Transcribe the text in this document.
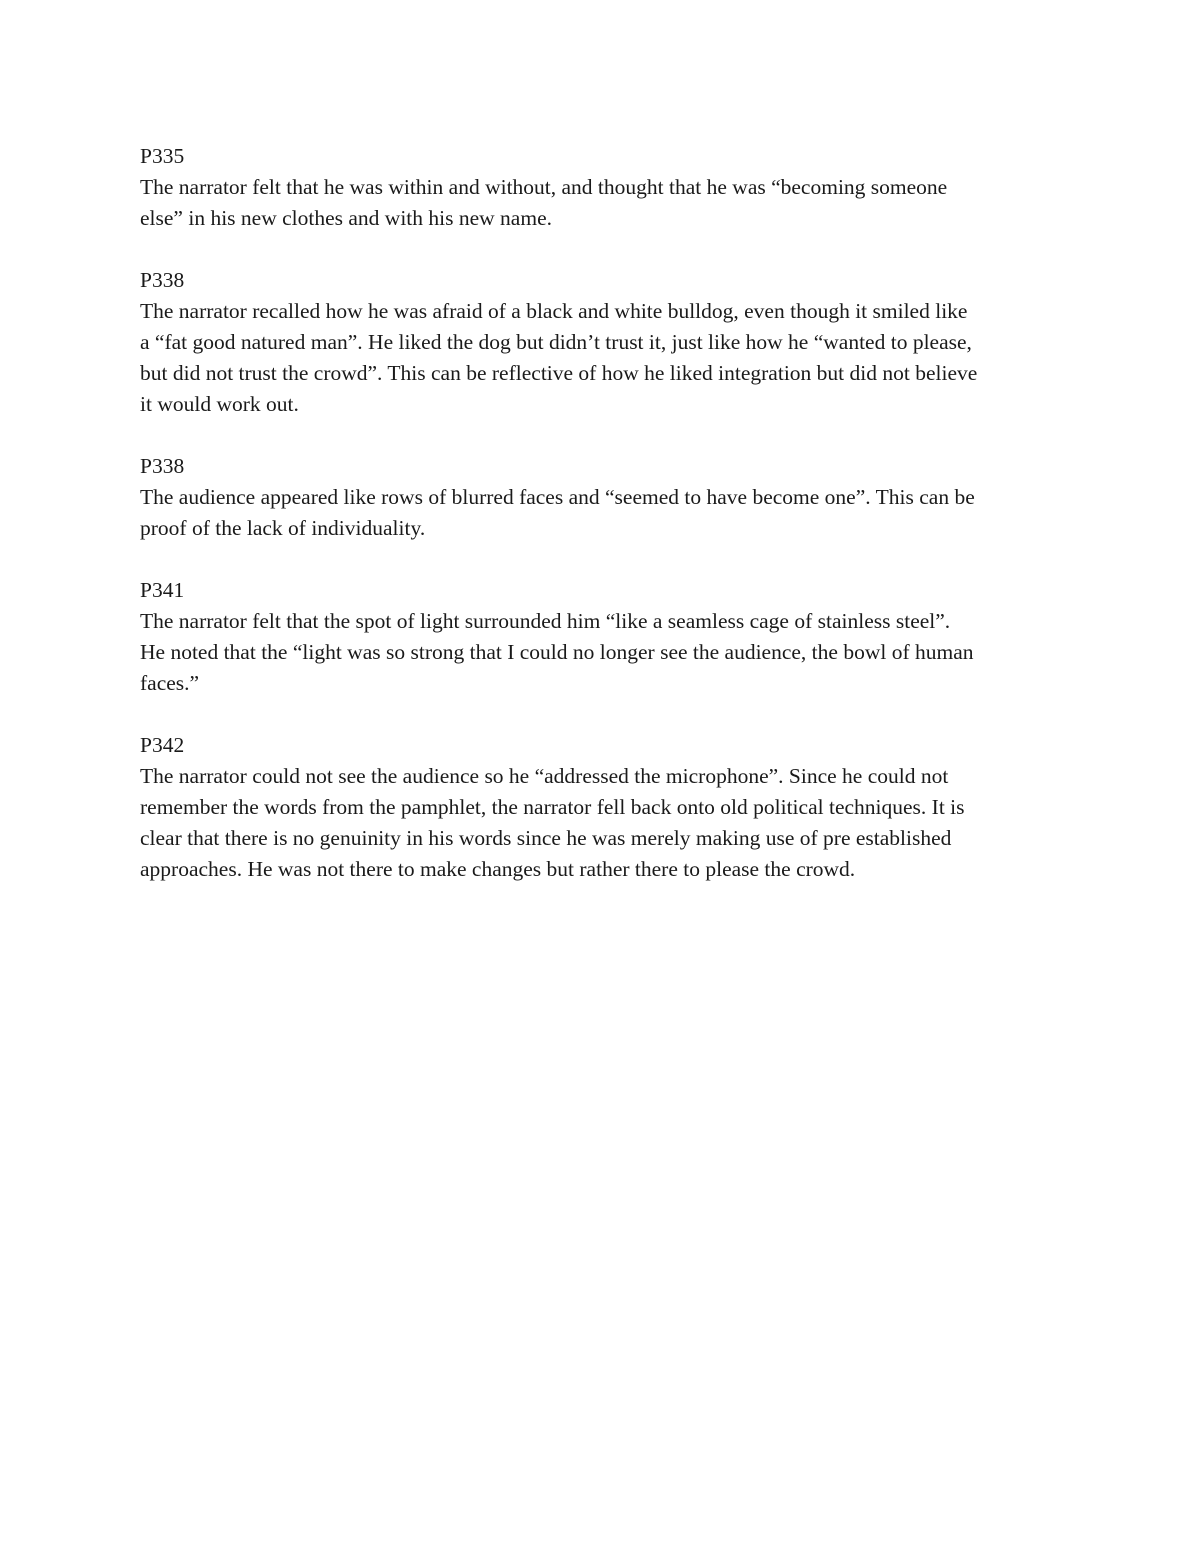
P335
The narrator felt that he was within and without, and thought that he was “becoming someone
else” in his new clothes and with his new name.
P338
The narrator recalled how he was afraid of a black and white bulldog, even though it smiled like
a “fat good natured man”. He liked the dog but didn’t trust it, just like how he “wanted to please,
but did not trust the crowd”. This can be reflective of how he liked integration but did not believe
it would work out.
P338
The audience appeared like rows of blurred faces and “seemed to have become one”. This can be
proof of the lack of individuality.
P341
The narrator felt that the spot of light surrounded him “like a seamless cage of stainless steel”.
He noted that the “light was so strong that I could no longer see the audience, the bowl of human
faces.”
P342
The narrator could not see the audience so he “addressed the microphone”. Since he could not
remember the words from the pamphlet, the narrator fell back onto old political techniques. It is
clear that there is no genuinity in his words since he was merely making use of pre established
approaches. He was not there to make changes but rather there to please the crowd.
